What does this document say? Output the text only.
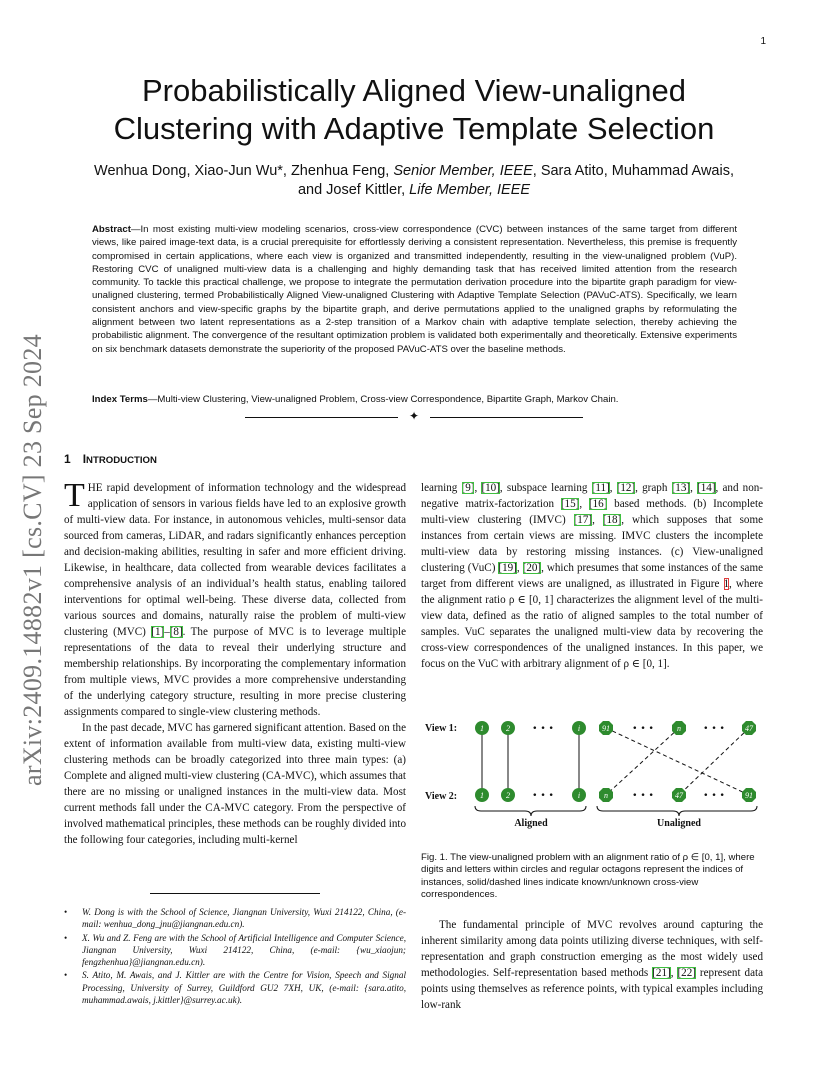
1
arXiv:2409.14882v1 [cs.CV] 23 Sep 2024
Probabilistically Aligned View-unaligned
Clustering with Adaptive Template Selection
Wenhua Dong, Xiao-Jun Wu*, Zhenhua Feng, Senior Member, IEEE, Sara Atito, Muhammad Awais,
and Josef Kittler, Life Member, IEEE
Abstract—In most existing multi-view modeling scenarios, cross-view correspondence (CVC) between instances of the same target from different views, like paired image-text data, is a crucial prerequisite for effortlessly deriving a consistent representation. Nevertheless, this premise is frequently compromised in certain applications, where each view is organized and transmitted independently, resulting in the view-unaligned problem (VuP). Restoring CVC of unaligned multi-view data is a challenging and highly demanding task that has received limited attention from the research community. To tackle this practical challenge, we propose to integrate the permutation derivation procedure into the bipartite graph paradigm for view-unaligned clustering, termed Probabilistically Aligned View-unaligned Clustering with Adaptive Template Selection (PAVuC-ATS). Specifically, we learn consistent anchors and view-specific graphs by the bipartite graph, and derive permutations applied to the unaligned graphs by reformulating the alignment between two latent representations as a 2-step transition of a Markov chain with adaptive template selection, thereby achieving the probabilistic alignment. The convergence of the resultant optimization problem is validated both experimentally and theoretically. Extensive experiments on six benchmark datasets demonstrate the superiority of the proposed PAVuC-ATS over the baseline methods.
Index Terms—Multi-view Clustering, View-unaligned Problem, Cross-view Correspondence, Bipartite Graph, Markov Chain.
✦
1 INTRODUCTION

THE rapid development of information technology and the widespread application of sensors in various fields have led to an explosive growth of multi-view data. For instance, in autonomous vehicles, multi-sensor data sourced from cameras, LiDAR, and radars significantly enhances perception and decision-making abilities, resulting in safer and more efficient driving. Likewise, in healthcare, data collected from wearable devices facilitates a comprehensive analysis of an individual’s health status, enabling tailored interventions for optimal well-being. These diverse data, collected from various sources and domains, naturally raise the problem of multi-view clustering (MVC) [1]–[8]. The purpose of MVC is to leverage multiple representations of the data to reveal their underlying structure and membership relationships. By incorporating the complementary information from multiple views, MVC provides a more comprehensive understanding of the underlying category structure, resulting in more precise clustering assignments compared to single-view clustering methods.

In the past decade, MVC has garnered significant attention. Based on the extent of information available from multi-view data, existing multi-view clustering methods can be broadly categorized into three main types: (a) Complete and aligned multi-view clustering (CA-MVC), which assumes that there are no missing or unaligned instances in the multi-view data. Most current methods fall under the CA-MVC category. From the perspective of involved mathematical principles, these methods can be roughly divided into the following four categories, including multi-kernel

• W. Dong is with the School of Science, Jiangnan University, Wuxi 214122, China, (e-mail: wenhua_dong_jnu@jiangnan.edu.cn).
• X. Wu and Z. Feng are with the School of Artificial Intelligence and Computer Science, Jiangnan University, Wuxi 214122, China, (e-mail: {wu_xiaojun; fengzhenhua}@jiangnan.edu.cn).
• S. Atito, M. Awais, and J. Kittler are with the Centre for Vision, Speech and Signal Processing, University of Surrey, Guildford GU2 7XH, UK, (e-mail: {sara.atito, muhammad.awais, j.kittler}@surrey.ac.uk).

learning [9], [10], subspace learning [11], [12], graph [13], [14], and non-negative matrix-factorization [15], [16] based methods. (b) Incomplete multi-view clustering (IMVC) [17], [18], which supposes that some instances from certain views are missing. IMVC clusters the incomplete multi-view data by restoring missing instances. (c) View-unaligned clustering (VuC) [19], [20], which presumes that some instances of the same target from different views are unaligned, as illustrated in Figure 1, where the alignment ratio ρ ∈ [0, 1] characterizes the alignment level of the multi-view data, defined as the ratio of aligned samples to the total number of samples. VuC separates the unaligned multi-view data by recovering the cross-view correspondences of the unaligned instances. In this paper, we focus on the VuC with arbitrary alignment of ρ ∈ [0, 1].

View 1:
View 2:
1	2 • • •	i	91 • • •	n • • •	47
1	2 • • •	i	n	• • •	47 • • •	91
Aligned	Unaligned
Fig. 1. The view-unaligned problem with an alignment ratio of ρ ∈ [0, 1], where digits and letters within circles and regular octagons represent the indices of instances, solid/dashed lines indicate known/unknown cross-view correspondences.

The fundamental principle of MVC revolves around capturing the inherent similarity among data points utilizing diverse techniques, with self-representation and graph construction emerging as the most widely used methodologies. Self-representation based methods [21], [22] represent data points using themselves as reference points, with typical examples including low-rank
